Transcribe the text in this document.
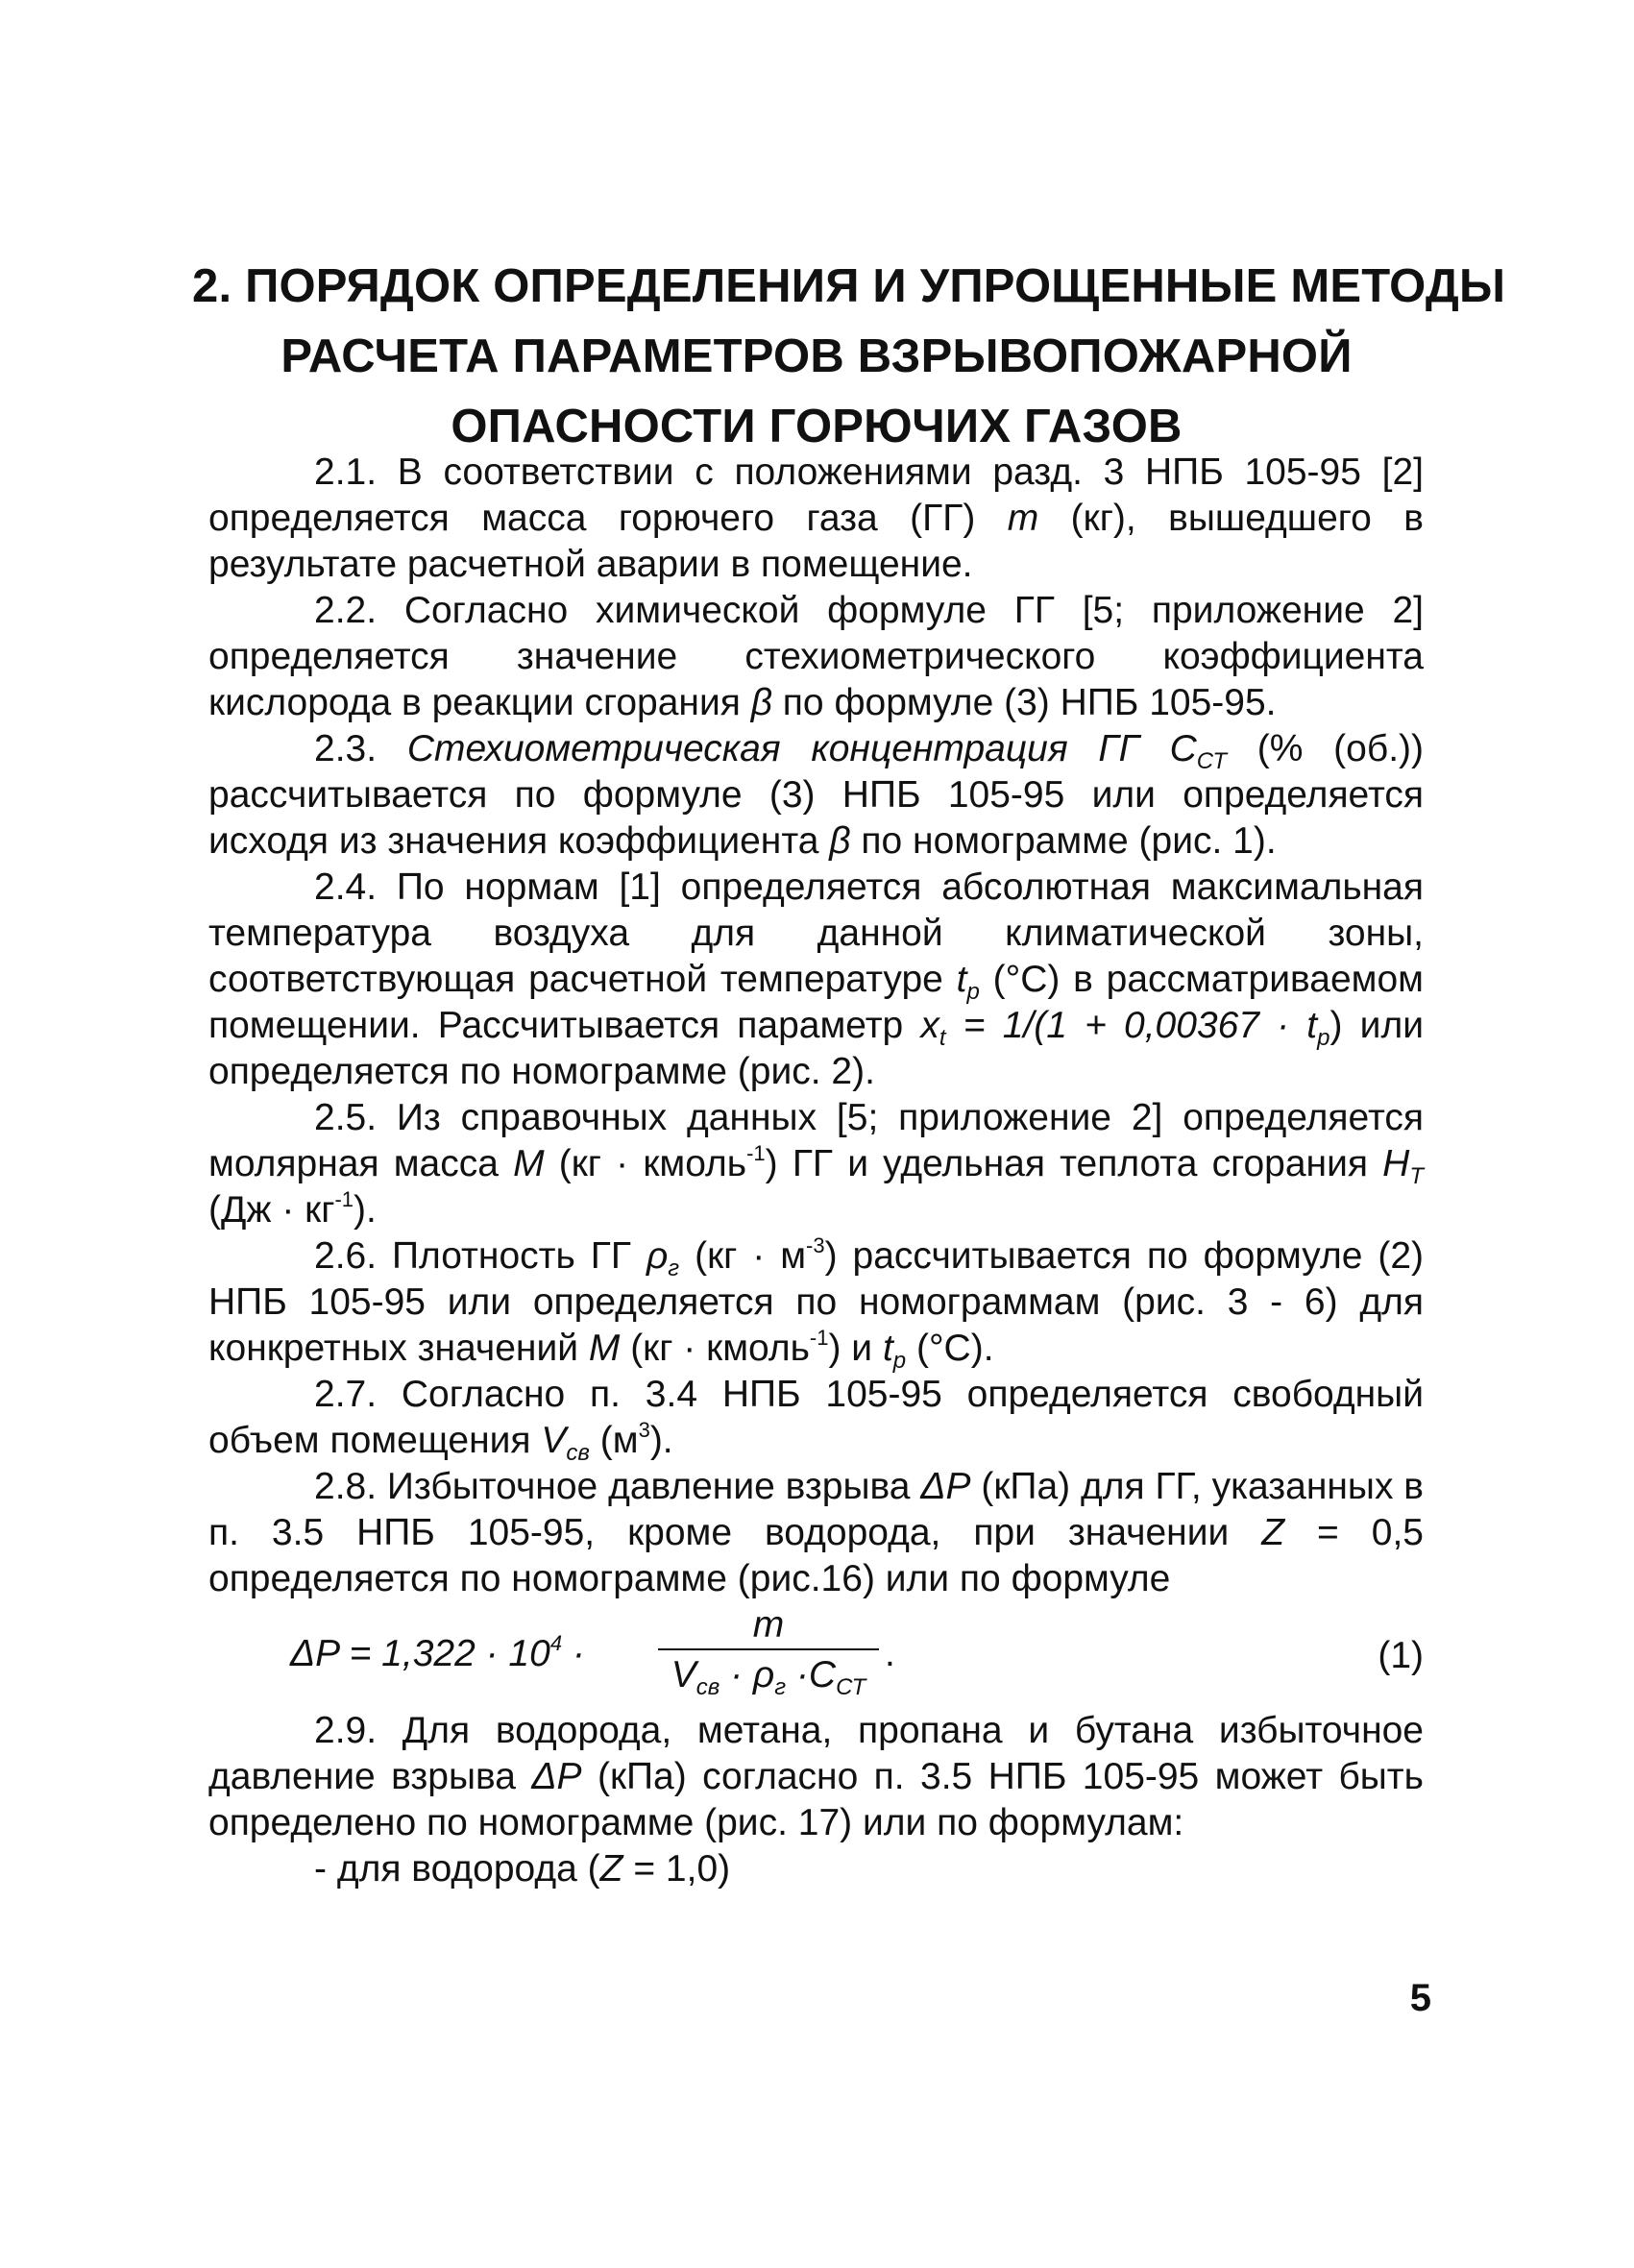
2. ПОРЯДОК ОПРЕДЕЛЕНИЯ И УПРОЩЕННЫЕ МЕТОДЫ
РАСЧЕТА ПАРАМЕТРОВ ВЗРЫВОПОЖАРНОЙ
ОПАСНОСТИ ГОРЮЧИХ ГАЗОВ

2.1. В соответствии с положениями разд. 3 НПБ 105-95 [2] определяется масса горючего газа (ГГ) m (кг), вышедшего в результате расчетной аварии в помещение.

2.2. Согласно химической формуле ГГ [5; приложение 2] определяется значение стехиометрического коэффициента кислорода в реакции сгорания β по формуле (3) НПБ 105-95.

2.3. Стехиометрическая концентрация ГГ $C_{СТ}$ (% (об.)) рассчитывается по формуле (3) НПБ 105-95 или определяется исходя из значения коэффициента β по номограмме (рис. 1).

2.4. По нормам [1] определяется абсолютная максимальная температура воздуха для данной климатической зоны, соответствующая расчетной температуре $t_р$ (°С) в рассматриваемом помещении. Рассчитывается параметр $x_t = 1/(1 + 0,00367 \cdot t_р)$ или определяется по номограмме (рис. 2).

2.5. Из справочных данных [5; приложение 2] определяется молярная масса M (кг · кмоль$^{-1}$) ГГ и удельная теплота сгорания $H_Т$ $(Дж \cdot кг^{-1})$.

2.6. Плотность ГГ $\rho_г$ $(кг \cdot м^{-3})$ рассчитывается по формуле (2) НПБ 105-95 или определяется по номограммам (рис. 3 - 6) для конкретных значений M (кг · кмоль$^{-1}$) и $t_р$ (°С).

2.7. Согласно п. 3.4 НПБ 105-95 определяется свободный объем помещения $V_{св}$ $(м^3)$.

2.8. Избыточное давление взрыва ΔP (кПа) для ГГ, указанных в п. 3.5 НПБ 105-95, кроме водорода, при значении Z = 0,5 определяется по номограмме (рис.16) или по формуле

$\Delta P = 1,322 \cdot 10^4$ ·
m
$V_{св} \cdot \rho_г \cdot C_{СТ}$
.	(1)

2.9. Для водорода, метана, пропана и бутана избыточное давление взрыва ΔP (кПа) согласно п. 3.5 НПБ 105-95 может быть определено по номограмме (рис. 17) или по формулам:

- для водорода (Z = 1,0)

5
